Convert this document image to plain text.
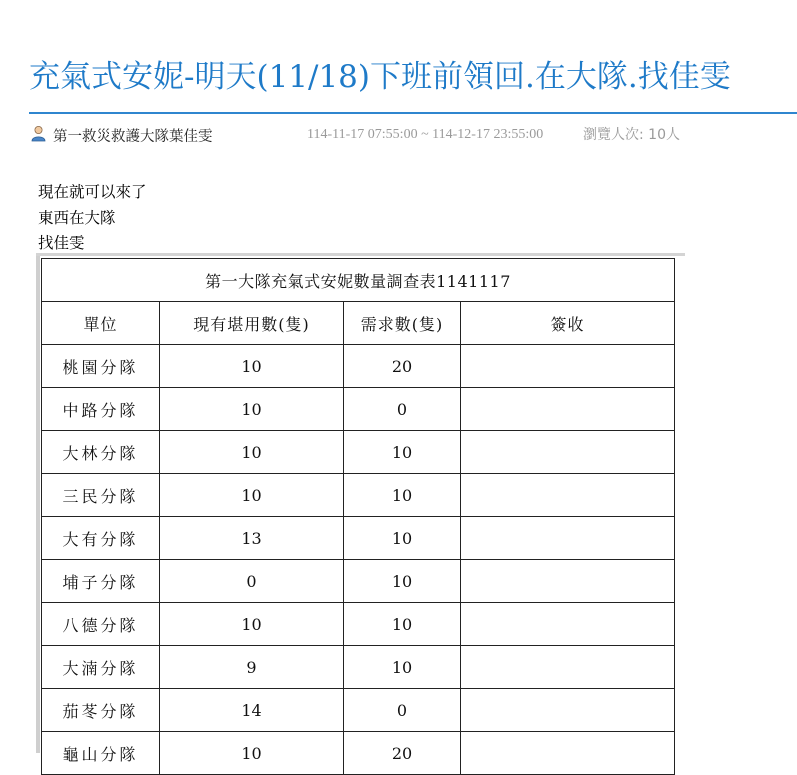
充氣式安妮-明天(11/18)下班前領回.在大隊.找佳雯
第一救災救護大隊葉佳雯	114-11-17 07:55:00 ~ 114-12-17 23:55:00	瀏覽人次: 10人
現在就可以來了
東西在大隊
找佳雯
第一大隊充氣式安妮數量調查表1141117			
單位	現有堪用數(隻)	需求數(隻)	簽收
桃園分隊	10	20	
中路分隊	10	0	
大林分隊	10	10	
三民分隊	10	10	
大有分隊	13	10	
埔子分隊	0	10	
八德分隊	10	10	
大湳分隊	9	10	
茄苳分隊	14	0	
龜山分隊	10	20	
